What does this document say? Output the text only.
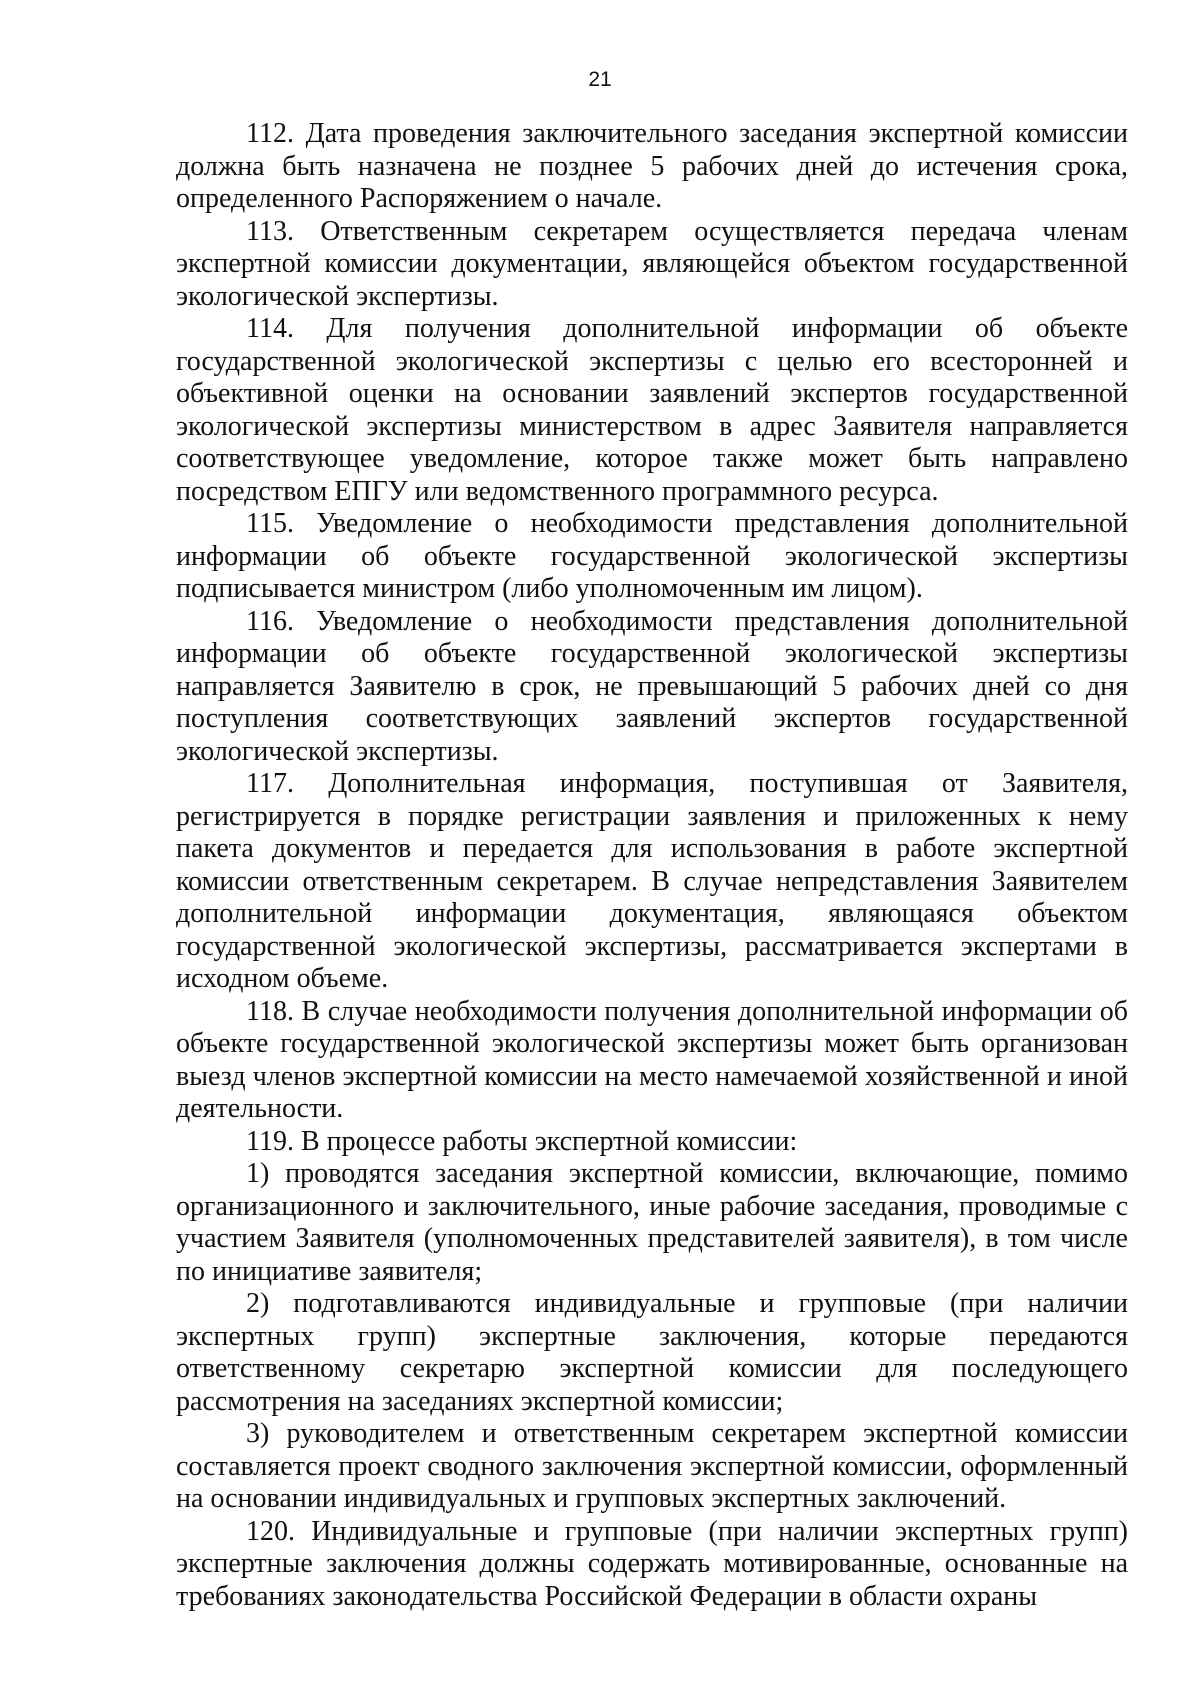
21

112. Дата проведения заключительного заседания экспертной комиссии должна быть назначена не позднее 5 рабочих дней до истечения срока, определенного Распоряжением о начале.

113. Ответственным секретарем осуществляется передача членам экспертной комиссии документации, являющейся объектом государственной экологической экспертизы.

114. Для получения дополнительной информации об объекте государственной экологической экспертизы с целью его всесторонней и объективной оценки на основании заявлений экспертов государственной экологической экспертизы министерством в адрес Заявителя направляется соответствующее уведомление, которое также может быть направлено посредством ЕПГУ или ведомственного программного ресурса.

115. Уведомление о необходимости представления дополнительной информации об объекте государственной экологической экспертизы подписывается министром (либо уполномоченным им лицом).

116. Уведомление о необходимости представления дополнительной информации об объекте государственной экологической экспертизы направляется Заявителю в срок, не превышающий 5 рабочих дней со дня поступления соответствующих заявлений экспертов государственной экологической экспертизы.

117. Дополнительная информация, поступившая от Заявителя, регистрируется в порядке регистрации заявления и приложенных к нему пакета документов и передается для использования в работе экспертной комиссии ответственным секретарем. В случае непредставления Заявителем дополнительной информации документация, являющаяся объектом государственной экологической экспертизы, рассматривается экспертами в исходном объеме.

118. В случае необходимости получения дополнительной информации об объекте государственной экологической экспертизы может быть организован выезд членов экспертной комиссии на место намечаемой хозяйственной и иной деятельности.

119. В процессе работы экспертной комиссии:

1) проводятся заседания экспертной комиссии, включающие, помимо организационного и заключительного, иные рабочие заседания, проводимые с участием Заявителя (уполномоченных представителей заявителя), в том числе по инициативе заявителя;

2) подготавливаются индивидуальные и групповые (при наличии экспертных групп) экспертные заключения, которые передаются ответственному секретарю экспертной комиссии для последующего рассмотрения на заседаниях экспертной комиссии;

3) руководителем и ответственным секретарем экспертной комиссии составляется проект сводного заключения экспертной комиссии, оформленный на основании индивидуальных и групповых экспертных заключений.

120. Индивидуальные и групповые (при наличии экспертных групп) экспертные заключения должны содержать мотивированные, основанные на требованиях законодательства Российской Федерации в области охраны
